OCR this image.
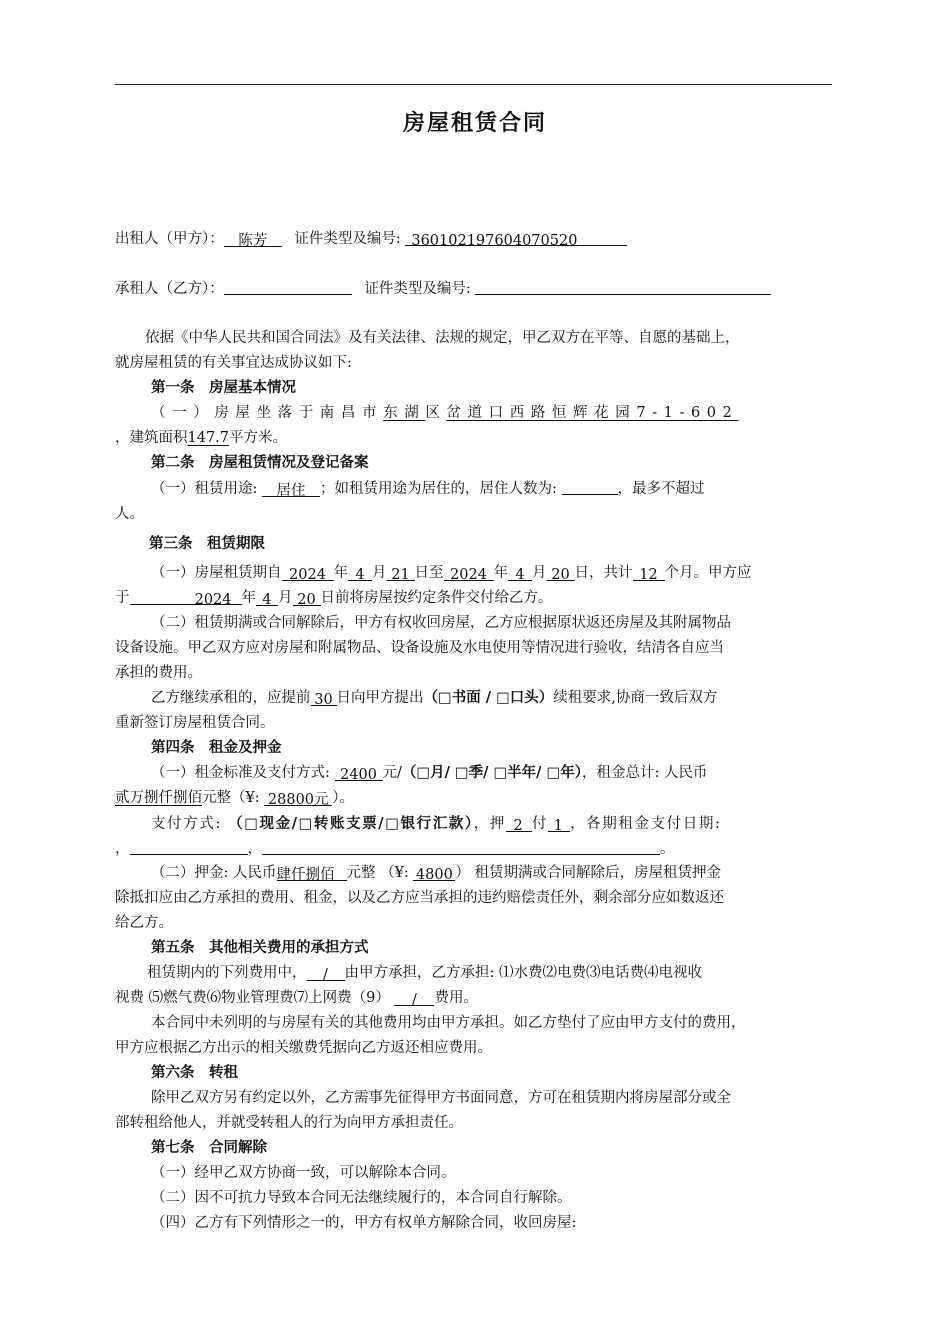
房屋租赁合同
出租人（甲方）： 陈芳 证件类型及编号: 360102197604070520
承租人（乙方）：	证件类型及编号:
依据《中华人民共和国合同法》及有关法律、法规的规定，甲乙双方在平等、自愿的基础上，
就房屋租赁的有关事宜达成协议如下:
第一条　房屋基本情况
（一）房屋坐落于南昌市东湖区岔道口西路恒辉花园7-1-602
，建筑面积147.7平方米。
第二条　房屋租赁情况及登记备案
（一）租赁用途: 居住 ；如租赁用途为居住的，居住人数为:	，最多不超过
人。
第三条　租赁期限
（一）房屋租赁期自 2024 年 4 月 21 日至 2024 年 4 月 20 日，共计 12 个月。甲方应
于	2024 年 4 月 20 日前将房屋按约定条件交付给乙方。
（二）租赁期满或合同解除后，甲方有权收回房屋，乙方应根据原状返还房屋及其附属物品
设备设施。甲乙双方应对房屋和附属物品、设备设施及水电使用等情况进行验收，结清各自应当
承担的费用。
乙方继续承租的，应提前 30 日向甲方提出（□书面 / □口头）续租要求,协商一致后双方
重新签订房屋租赁合同。
第四条　租金及押金
（一）租金标准及支付方式: 2400 元/（□月/ □季/ □半年/ □年），租金总计: 人民币
贰万捌仟捌佰元整（¥: 28800元 ）。
支付方式: （□现金/□转账支票/□银行汇款），押 2 付 1 ，各期租金支付日期:
，	，	。
（二）押金: 人民币肆仟捌佰 元整 （¥: 4800 ） 租赁期满或合同解除后，房屋租赁押金
除抵扣应由乙方承担的费用、租金，以及乙方应当承担的违约赔偿责任外，剩余部分应如数返还
给乙方。
第五条　其他相关费用的承担方式
租赁期内的下列费用中， / 由甲方承担，乙方承担: ⑴水费⑵电费⑶电话费⑷电视收
视费 ⑸燃气费⑹物业管理费⑺上网费（9） / 费用。
本合同中未列明的与房屋有关的其他费用均由甲方承担。如乙方垫付了应由甲方支付的费用，
甲方应根据乙方出示的相关缴费凭据向乙方返还相应费用。
第六条　转租
除甲乙双方另有约定以外，乙方需事先征得甲方书面同意，方可在租赁期内将房屋部分或全
部转租给他人，并就受转租人的行为向甲方承担责任。
第七条　合同解除
（一）经甲乙双方协商一致，可以解除本合同。
（二）因不可抗力导致本合同无法继续履行的，本合同自行解除。
（四）乙方有下列情形之一的，甲方有权单方解除合同，收回房屋:
